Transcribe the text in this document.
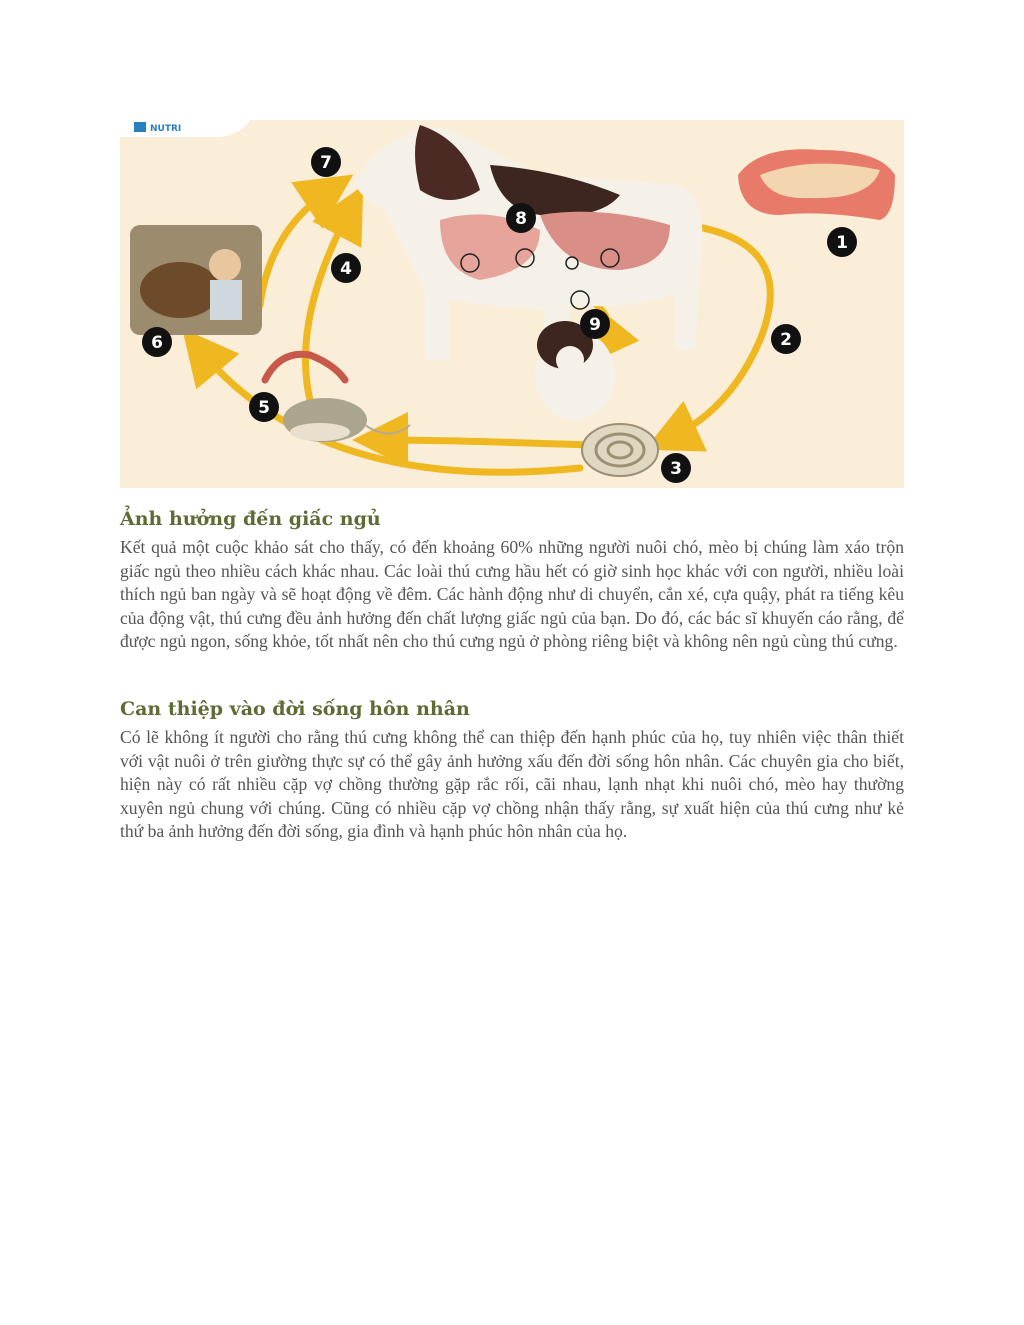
NUTRI
1
2
3
4
5
6
7
8
9
Ảnh hưởng đến giấc ngủ

Kết quả một cuộc khảo sát cho thấy, có đến khoảng 60% những người nuôi chó, mèo bị chúng làm xáo trộn giấc ngủ theo nhiều cách khác nhau. Các loài thú cưng hầu hết có giờ sinh học khác với con người, nhiều loài thích ngủ ban ngày và sẽ hoạt động về đêm. Các hành động như di chuyển, cắn xé, cựa quậy, phát ra tiếng kêu của động vật, thú cưng đều ảnh hưởng đến chất lượng giấc ngủ của bạn. Do đó, các bác sĩ khuyến cáo rằng, để được ngủ ngon, sống khỏe, tốt nhất nên cho thú cưng ngủ ở phòng riêng biệt và không nên ngủ cùng thú cưng.

Can thiệp vào đời sống hôn nhân

Có lẽ không ít người cho rằng thú cưng không thể can thiệp đến hạnh phúc của họ, tuy nhiên việc thân thiết với vật nuôi ở trên giường thực sự có thể gây ảnh hưởng xấu đến đời sống hôn nhân. Các chuyên gia cho biết, hiện này có rất nhiều cặp vợ chồng thường gặp rắc rối, cãi nhau, lạnh nhạt khi nuôi chó, mèo hay thường xuyên ngủ chung với chúng. Cũng có nhiều cặp vợ chồng nhận thấy rằng, sự xuất hiện của thú cưng như kẻ thứ ba ảnh hưởng đến đời sống, gia đình và hạnh phúc hôn nhân của họ.
